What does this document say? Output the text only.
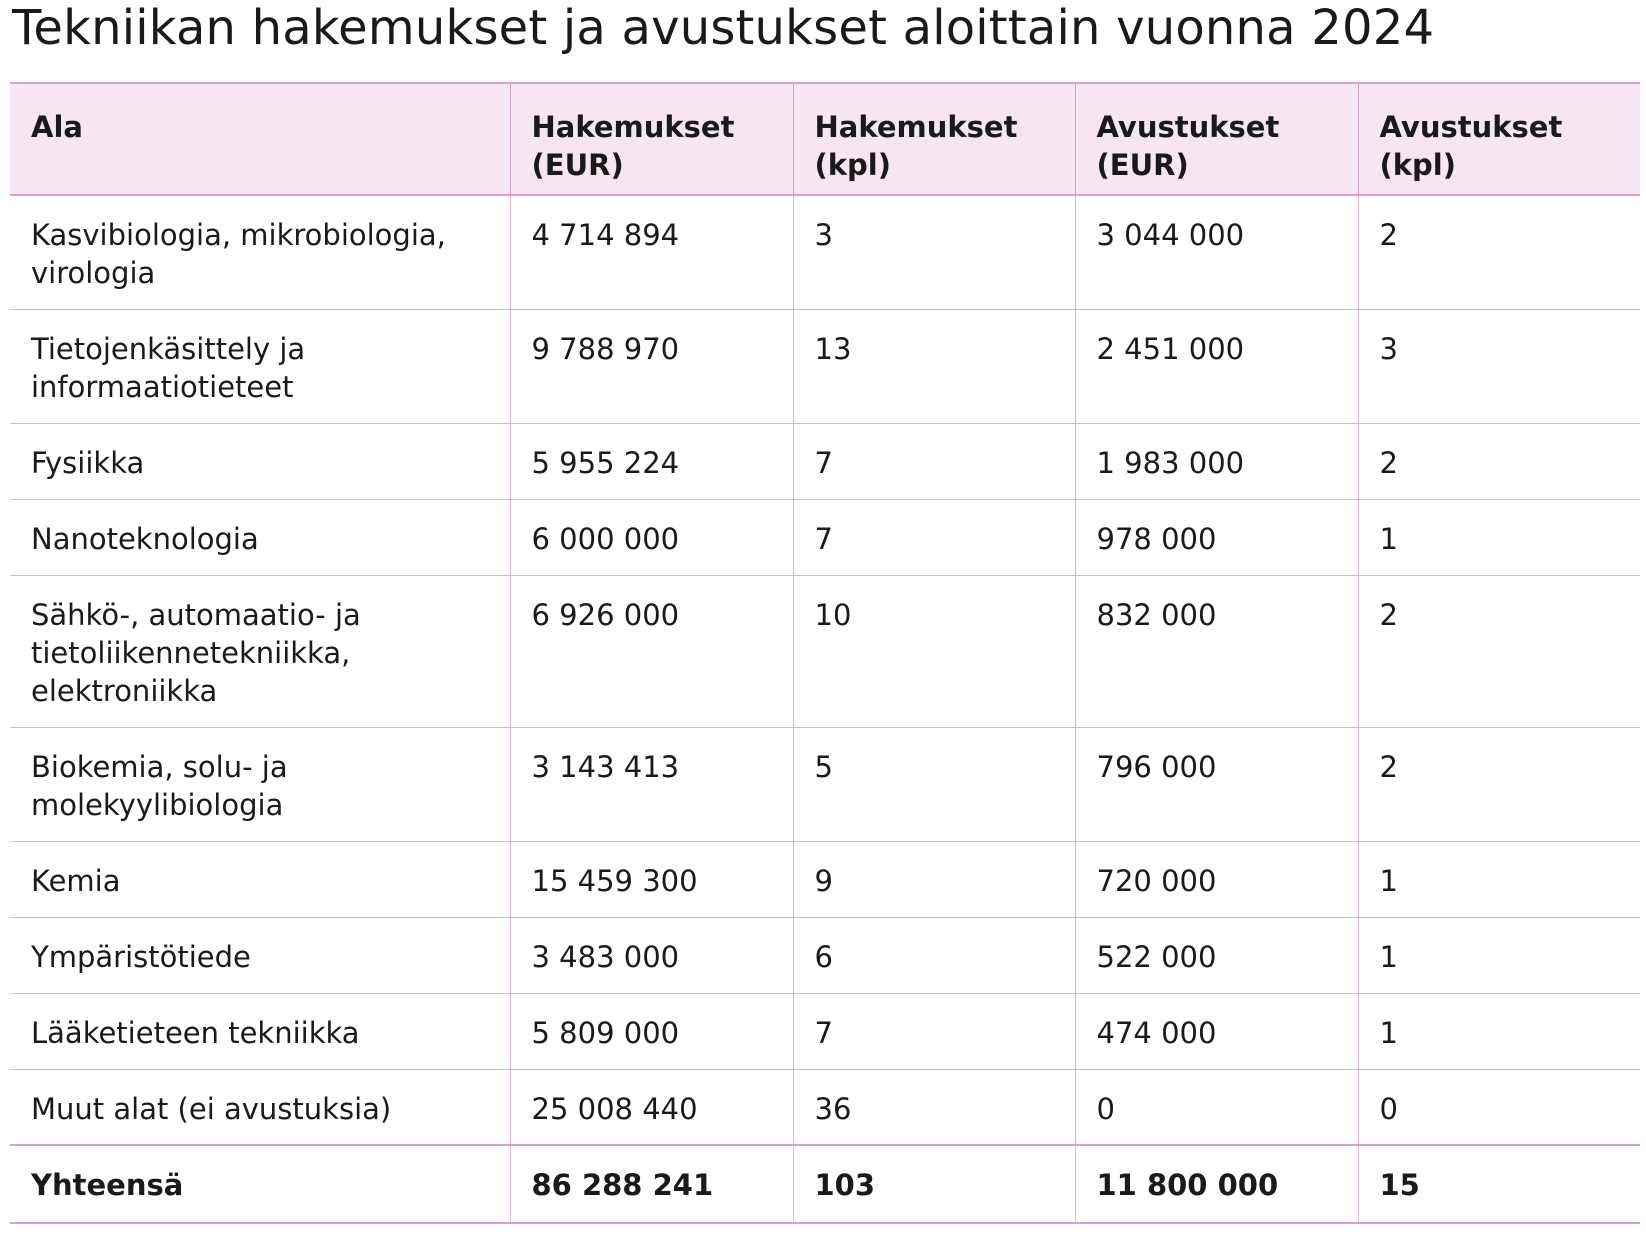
Tekniikan hakemukset ja avustukset aloittain vuonna 2024
Ala	Hakemukset (EUR)	Hakemukset (kpl)	Avustukset (EUR)	Avustukset (kpl)
Kasvibiologia, mikrobiologia, virologia	4 714 894	3	3 044 000	2
Tietojenkäsittely ja informaatiotieteet	9 788 970	13	2 451 000	3
Fysiikka	5 955 224	7	1 983 000	2
Nanoteknologia	6 000 000	7	978 000	1
Sähkö-, automaatio- ja tietoliikennetekniikka, elektroniikka	6 926 000	10	832 000	2
Biokemia, solu- ja molekyylibiologia	3 143 413	5	796 000	2
Kemia	15 459 300	9	720 000	1
Ympäristötiede	3 483 000	6	522 000	1
Lääketieteen tekniikka	5 809 000	7	474 000	1
Muut alat (ei avustuksia)	25 008 440	36	0	0
Yhteensä	86 288 241	103	11 800 000	15
